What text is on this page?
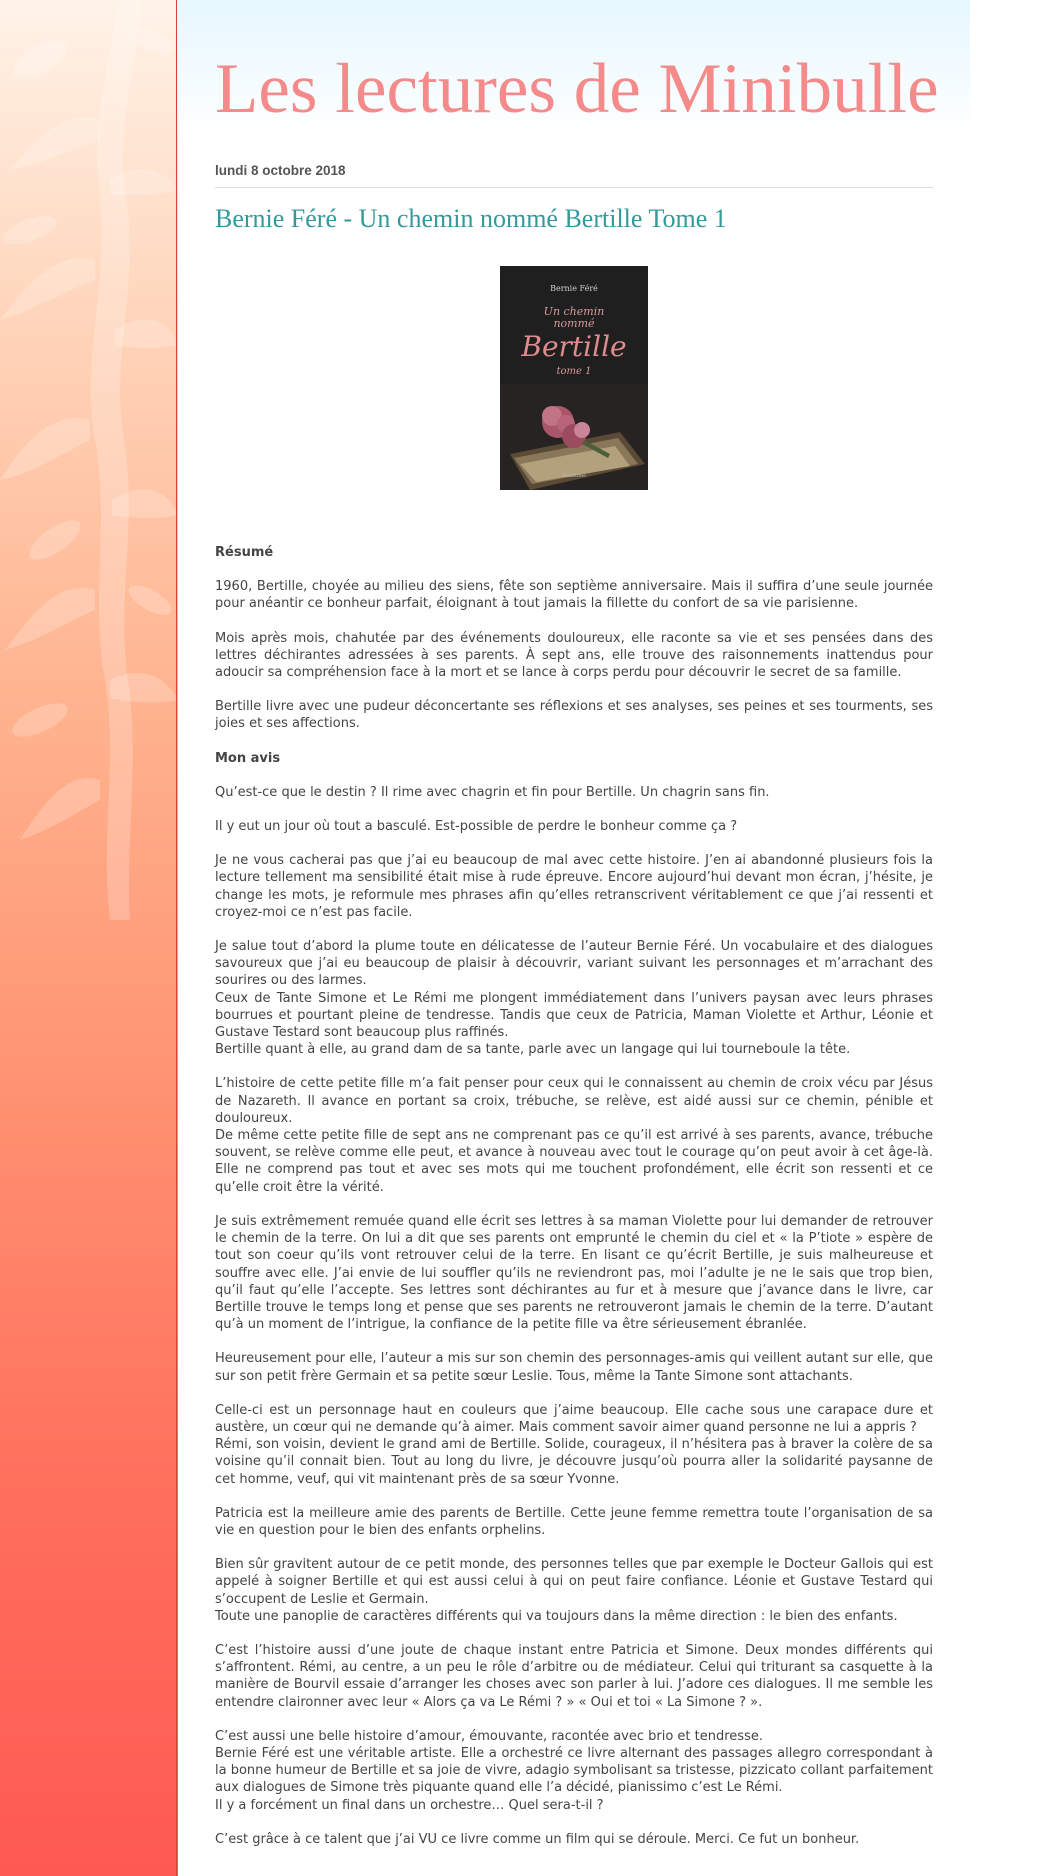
Les lectures de Minibulle
lundi 8 octobre 2018
Bernie Féré - Un chemin nommé Bertille Tome 1
Bernie Féré
Un chemin
nommé
Bertille
tome 1
Amalthée
Résumé
1960, Bertille, choyée au milieu des siens, fête son septième anniversaire. Mais il suffira d’une seule journée pour anéantir ce bonheur parfait, éloignant à tout jamais la fillette du confort de sa vie parisienne.
Mois après mois, chahutée par des événements douloureux, elle raconte sa vie et ses pensées dans des lettres déchirantes adressées à ses parents. À sept ans, elle trouve des raisonnements inattendus pour adoucir sa compréhension face à la mort et se lance à corps perdu pour découvrir le secret de sa famille.
Bertille livre avec une pudeur déconcertante ses réflexions et ses analyses, ses peines et ses tourments, ses joies et ses affections.
Mon avis
Qu’est-ce que le destin ? Il rime avec chagrin et fin pour Bertille. Un chagrin sans fin.
Il y eut un jour où tout a basculé. Est-possible de perdre le bonheur comme ça ?
Je ne vous cacherai pas que j’ai eu beaucoup de mal avec cette histoire. J’en ai abandonné plusieurs fois la lecture tellement ma sensibilité était mise à rude épreuve. Encore aujourd’hui devant mon écran, j’hésite, je change les mots, je reformule mes phrases afin qu’elles retranscrivent véritablement ce que j’ai ressenti et croyez-moi ce n’est pas facile.
Je salue tout d’abord la plume toute en délicatesse de l’auteur Bernie Féré. Un vocabulaire et des dialogues savoureux que j’ai eu beaucoup de plaisir à découvrir, variant suivant les personnages et m’arrachant des sourires ou des larmes.
Ceux de Tante Simone et Le Rémi me plongent immédiatement dans l’univers paysan avec leurs phrases bourrues et pourtant pleine de tendresse. Tandis que ceux de Patricia, Maman Violette et Arthur, Léonie et Gustave Testard sont beaucoup plus raffinés.
Bertille quant à elle, au grand dam de sa tante, parle avec un langage qui lui tourneboule la tête.
L’histoire de cette petite fille m’a fait penser pour ceux qui le connaissent au chemin de croix vécu par Jésus de Nazareth. Il avance en portant sa croix, trébuche, se relève, est aidé aussi sur ce chemin, pénible et douloureux.
De même cette petite fille de sept ans ne comprenant pas ce qu’il est arrivé à ses parents, avance, trébuche souvent, se relève comme elle peut, et avance à nouveau avec tout le courage qu’on peut avoir à cet âge-là. Elle ne comprend pas tout et avec ses mots qui me touchent profondément, elle écrit son ressenti et ce qu’elle croit être la vérité.
Je suis extrêmement remuée quand elle écrit ses lettres à sa maman Violette pour lui demander de retrouver le chemin de la terre. On lui a dit que ses parents ont emprunté le chemin du ciel et « la P’tiote » espère de tout son coeur qu’ils vont retrouver celui de la terre. En lisant ce qu’écrit Bertille, je suis malheureuse et souffre avec elle. J’ai envie de lui souffler qu’ils ne reviendront pas, moi l’adulte je ne le sais que trop bien, qu’il faut qu’elle l’accepte. Ses lettres sont déchirantes au fur et à mesure que j’avance dans le livre, car Bertille trouve le temps long et pense que ses parents ne retrouveront jamais le chemin de la terre. D’autant qu’à un moment de l’intrigue, la confiance de la petite fille va être sérieusement ébranlée.
Heureusement pour elle, l’auteur a mis sur son chemin des personnages-amis qui veillent autant sur elle, que sur son petit frère Germain et sa petite sœur Leslie. Tous, même la Tante Simone sont attachants.
Celle-ci est un personnage haut en couleurs que j’aime beaucoup. Elle cache sous une carapace dure et austère, un cœur qui ne demande qu’à aimer. Mais comment savoir aimer quand personne ne lui a appris ?
Rémi, son voisin, devient le grand ami de Bertille. Solide, courageux, il n’hésitera pas à braver la colère de sa voisine qu’il connait bien. Tout au long du livre, je découvre jusqu’où pourra aller la solidarité paysanne de cet homme, veuf, qui vit maintenant près de sa sœur Yvonne.
Patricia est la meilleure amie des parents de Bertille. Cette jeune femme remettra toute l’organisation de sa vie en question pour le bien des enfants orphelins.
Bien sûr gravitent autour de ce petit monde, des personnes telles que par exemple le Docteur Gallois qui est appelé à soigner Bertille et qui est aussi celui à qui on peut faire confiance. Léonie et Gustave Testard qui s’occupent de Leslie et Germain.
Toute une panoplie de caractères différents qui va toujours dans la même direction : le bien des enfants.
C’est l’histoire aussi d’une joute de chaque instant entre Patricia et Simone. Deux mondes différents qui s’affrontent. Rémi, au centre, a un peu le rôle d’arbitre ou de médiateur. Celui qui triturant sa casquette à la manière de Bourvil essaie d’arranger les choses avec son parler à lui. J’adore ces dialogues. Il me semble les entendre claironner avec leur « Alors ça va Le Rémi ? » « Oui et toi « La Simone ? ».
C’est aussi une belle histoire d’amour, émouvante, racontée avec brio et tendresse.
Bernie Féré est une véritable artiste. Elle a orchestré ce livre alternant des passages allegro correspondant à la bonne humeur de Bertille et sa joie de vivre, adagio symbolisant sa tristesse, pizzicato collant parfaitement aux dialogues de Simone très piquante quand elle l’a décidé, pianissimo c’est Le Rémi.
Il y a forcément un final dans un orchestre… Quel sera-t-il ?
C’est grâce à ce talent que j’ai VU ce livre comme un film qui se déroule. Merci. Ce fut un bonheur.
